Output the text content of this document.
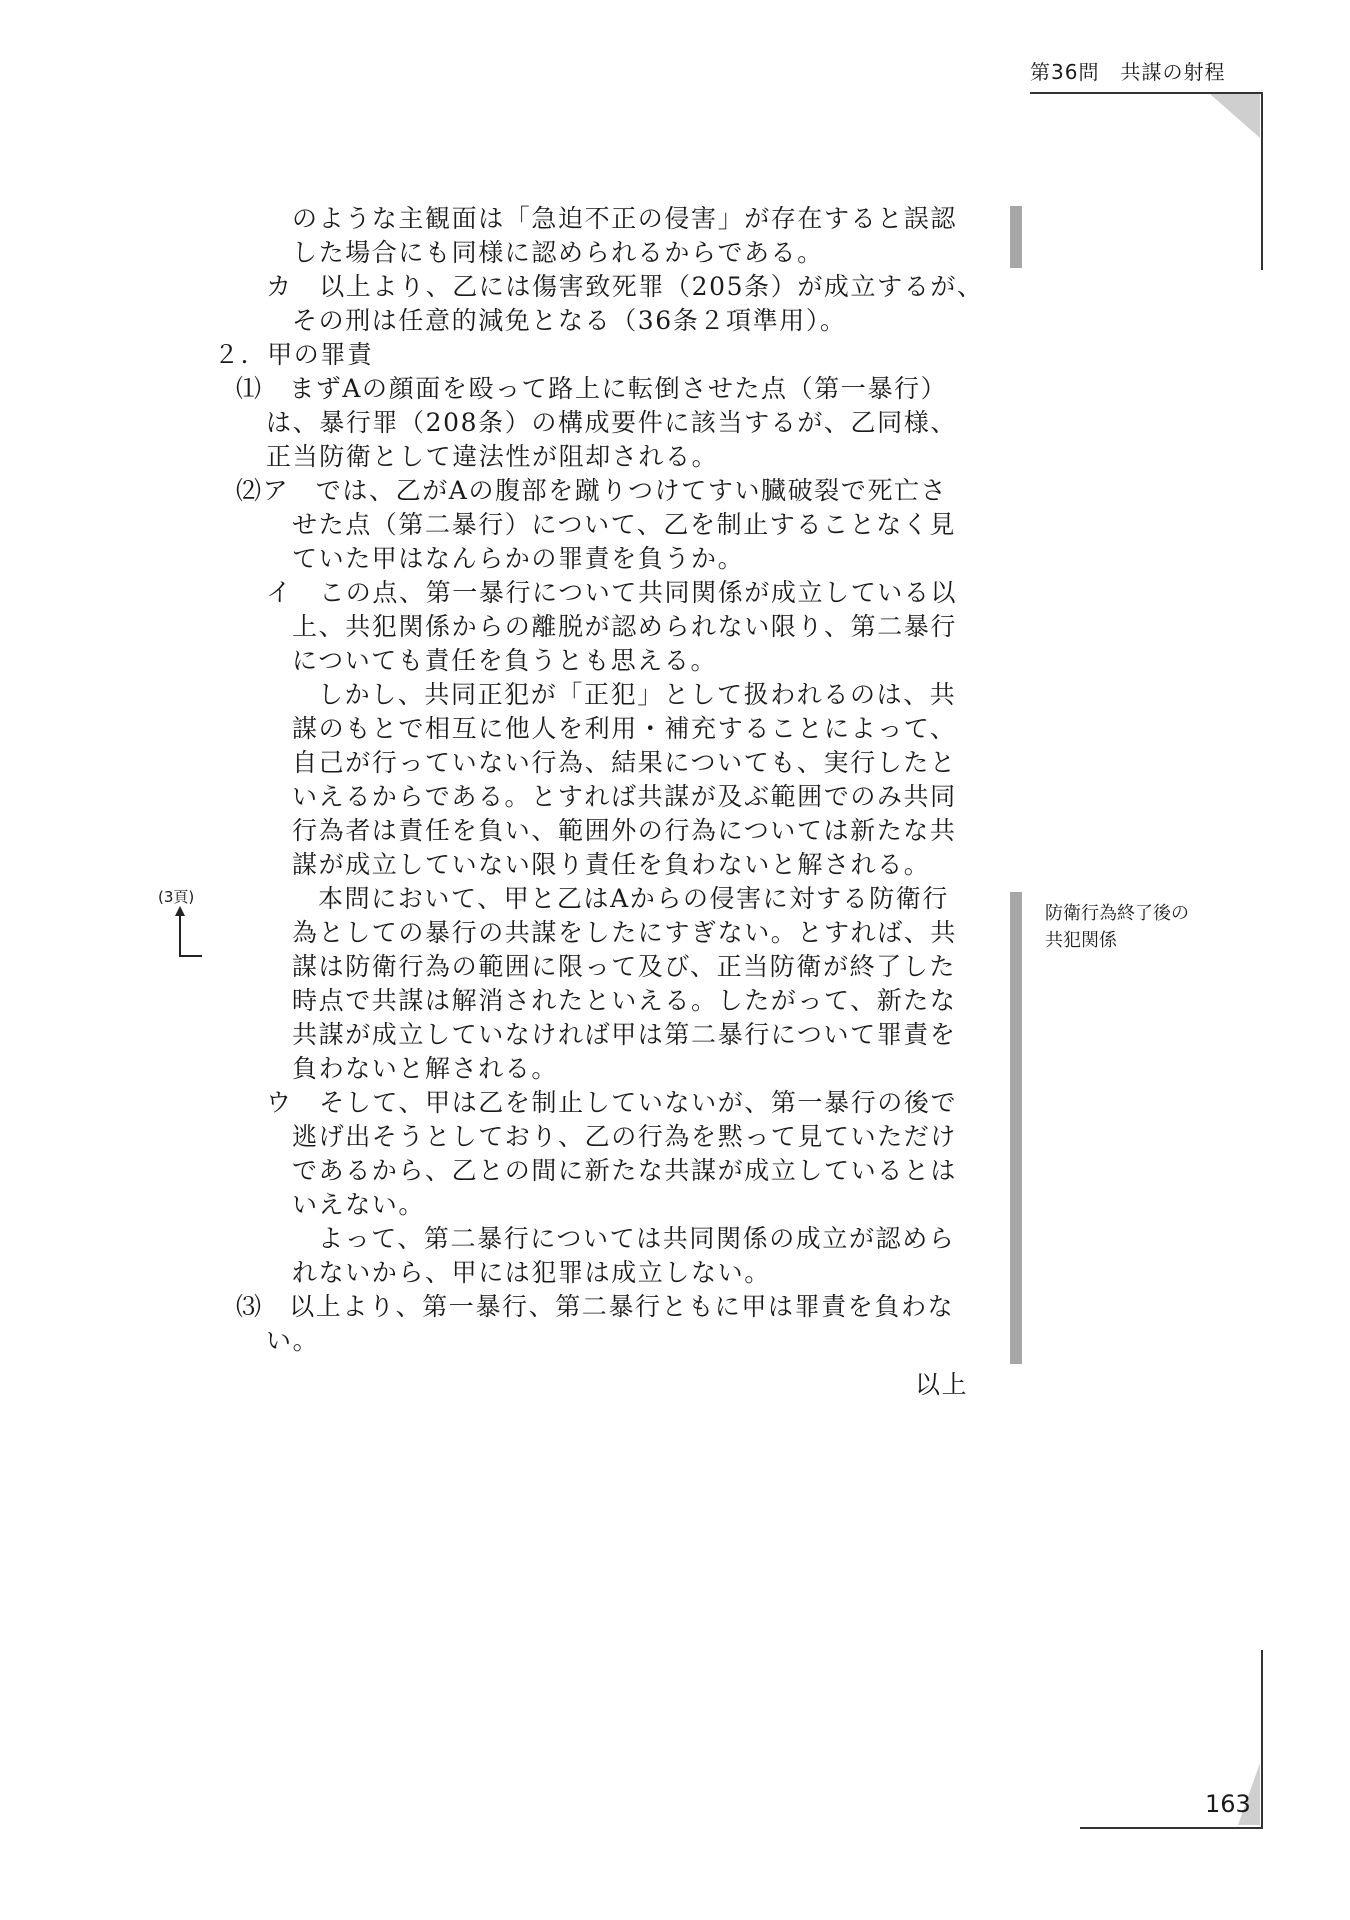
第36問　共謀の射程
防衛行為終了後の
共犯関係
(3頁)
のような主観面は「急迫不正の侵害」が存在すると誤認
した場合にも同様に認められるからである。
カ　以上より、乙には傷害致死罪（205条）が成立するが、
その刑は任意的減免となる（36条２項準用）。
２．甲の罪責
⑴　まずAの顔面を殴って路上に転倒させた点（第一暴行）
は、暴行罪（208条）の構成要件に該当するが、乙同様、
正当防衛として違法性が阻却される。
⑵ア　では、乙がAの腹部を蹴りつけてすい臓破裂で死亡さ
せた点（第二暴行）について、乙を制止することなく見
ていた甲はなんらかの罪責を負うか。
イ　この点、第一暴行について共同関係が成立している以
上、共犯関係からの離脱が認められない限り、第二暴行
についても責任を負うとも思える。
しかし、共同正犯が「正犯」として扱われるのは、共
謀のもとで相互に他人を利用・補充することによって、
自己が行っていない行為、結果についても、実行したと
いえるからである。とすれば共謀が及ぶ範囲でのみ共同
行為者は責任を負い、範囲外の行為については新たな共
謀が成立していない限り責任を負わないと解される。
本問において、甲と乙はAからの侵害に対する防衛行
為としての暴行の共謀をしたにすぎない。とすれば、共
謀は防衛行為の範囲に限って及び、正当防衛が終了した
時点で共謀は解消されたといえる。したがって、新たな
共謀が成立していなければ甲は第二暴行について罪責を
負わないと解される。
ウ　そして、甲は乙を制止していないが、第一暴行の後で
逃げ出そうとしており、乙の行為を黙って見ていただけ
であるから、乙との間に新たな共謀が成立しているとは
いえない。
よって、第二暴行については共同関係の成立が認めら
れないから、甲には犯罪は成立しない。
⑶　以上より、第一暴行、第二暴行ともに甲は罪責を負わな
い。
以上
163
